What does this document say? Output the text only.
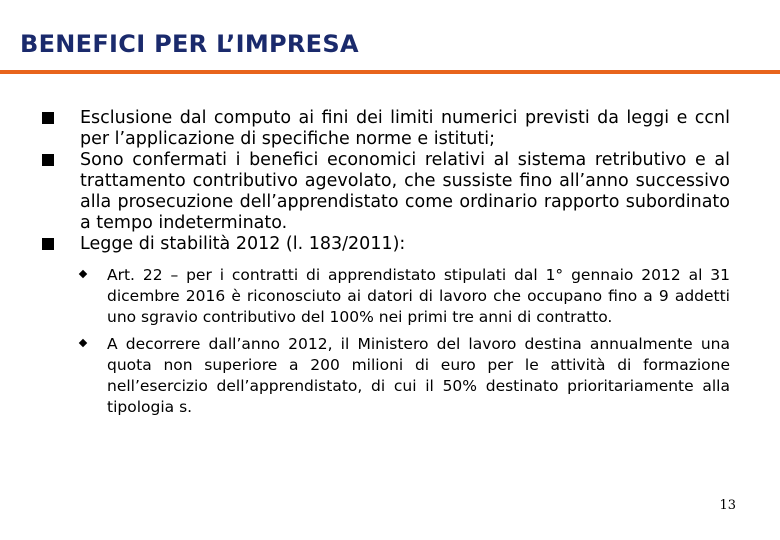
BENEFICI PER L’IMPRESA
Esclusione dal computo ai fini dei limiti numerici previsti da leggi e ccnl per l’applicazione di specifiche norme e istituti;
Sono confermati i benefici economici relativi al sistema retributivo e al trattamento contributivo agevolato, che sussiste fino all’anno successivo alla prosecuzione dell’apprendistato come ordinario rapporto subordinato a tempo indeterminato.
Legge di stabilità 2012 (l. 183/2011):
Art. 22 – per i contratti di apprendistato stipulati dal 1° gennaio 2012 al 31 dicembre 2016 è riconosciuto ai datori di lavoro che occupano fino a 9 addetti uno sgravio contributivo del 100% nei primi tre anni di contratto.
A decorrere dall’anno 2012, il Ministero del lavoro destina annualmente una quota non superiore a 200 milioni di euro per le attività di formazione nell’esercizio dell’apprendistato, di cui il 50% destinato prioritariamente alla tipologia s.
13
